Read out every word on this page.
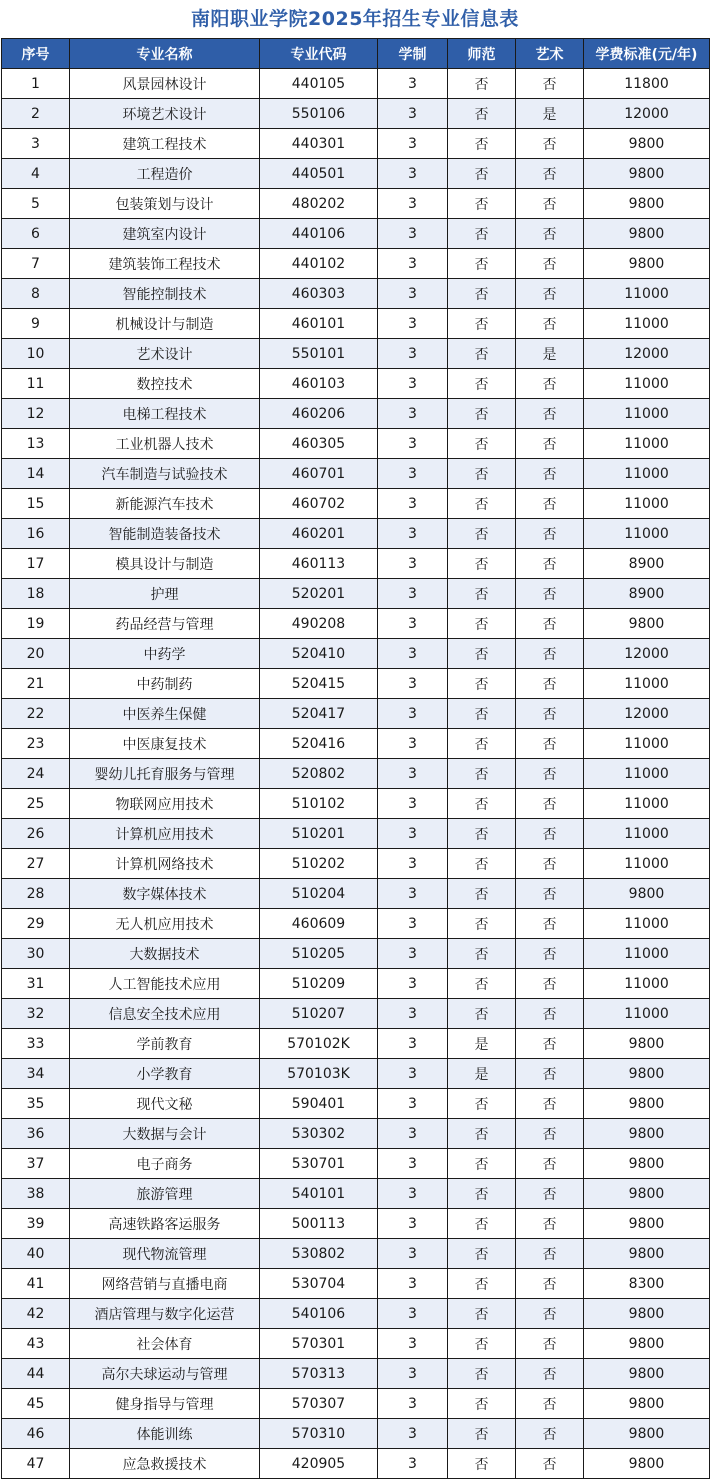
南阳职业学院2025年招生专业信息表
序号	专业名称	专业代码	学制	师范	艺术	学费标准(元/年)
1	风景园林设计	440105	3	否	否	11800
2	环境艺术设计	550106	3	否	是	12000
3	建筑工程技术	440301	3	否	否	9800
4	工程造价	440501	3	否	否	9800
5	包装策划与设计	480202	3	否	否	9800
6	建筑室内设计	440106	3	否	否	9800
7	建筑装饰工程技术	440102	3	否	否	9800
8	智能控制技术	460303	3	否	否	11000
9	机械设计与制造	460101	3	否	否	11000
10	艺术设计	550101	3	否	是	12000
11	数控技术	460103	3	否	否	11000
12	电梯工程技术	460206	3	否	否	11000
13	工业机器人技术	460305	3	否	否	11000
14	汽车制造与试验技术	460701	3	否	否	11000
15	新能源汽车技术	460702	3	否	否	11000
16	智能制造装备技术	460201	3	否	否	11000
17	模具设计与制造	460113	3	否	否	8900
18	护理	520201	3	否	否	8900
19	药品经营与管理	490208	3	否	否	9800
20	中药学	520410	3	否	否	12000
21	中药制药	520415	3	否	否	11000
22	中医养生保健	520417	3	否	否	12000
23	中医康复技术	520416	3	否	否	11000
24	婴幼儿托育服务与管理	520802	3	否	否	11000
25	物联网应用技术	510102	3	否	否	11000
26	计算机应用技术	510201	3	否	否	11000
27	计算机网络技术	510202	3	否	否	11000
28	数字媒体技术	510204	3	否	否	9800
29	无人机应用技术	460609	3	否	否	11000
30	大数据技术	510205	3	否	否	11000
31	人工智能技术应用	510209	3	否	否	11000
32	信息安全技术应用	510207	3	否	否	11000
33	学前教育	570102K	3	是	否	9800
34	小学教育	570103K	3	是	否	9800
35	现代文秘	590401	3	否	否	9800
36	大数据与会计	530302	3	否	否	9800
37	电子商务	530701	3	否	否	9800
38	旅游管理	540101	3	否	否	9800
39	高速铁路客运服务	500113	3	否	否	9800
40	现代物流管理	530802	3	否	否	9800
41	网络营销与直播电商	530704	3	否	否	8300
42	酒店管理与数字化运营	540106	3	否	否	9800
43	社会体育	570301	3	否	否	9800
44	高尔夫球运动与管理	570313	3	否	否	9800
45	健身指导与管理	570307	3	否	否	9800
46	体能训练	570310	3	否	否	9800
47	应急救援技术	420905	3	否	否	9800
